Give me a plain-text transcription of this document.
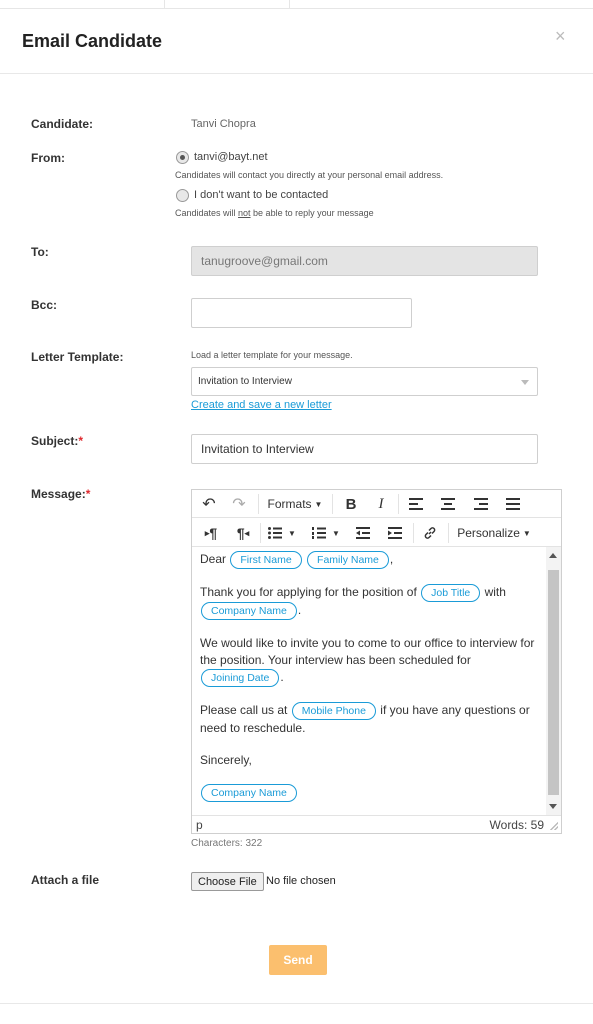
Email Candidate	×
Candidate:	Tanvi Chopra
From:	tanvi@bayt.net
Candidates will contact you directly at your personal email address.
I don't want to be contacted
Candidates will not be able to reply your message
To:
tanugroove@gmail.com
Bcc:
Letter Template:	Load a letter template for your message.
Invitation to Interview
Create and save a new letter
Subject:*
Invitation to Interview
Message:*
↶	↷	Formats ▼	B	I
▸ ¶ ¶ ◂	▼	▼	Personalize ▼

Dear First Name Family Name ,

Thank you for applying for the position of Job Title with Company Name .

We would like to invite you to come to our office to interview for the position. Your interview has been scheduled for Joining Date .

Please call us at Mobile Phone if you have any questions or need to reschedule.

Sincerely,

Company Name

p	Words: 59
Characters: 322
Attach a file	Choose File No file chosen
Send
